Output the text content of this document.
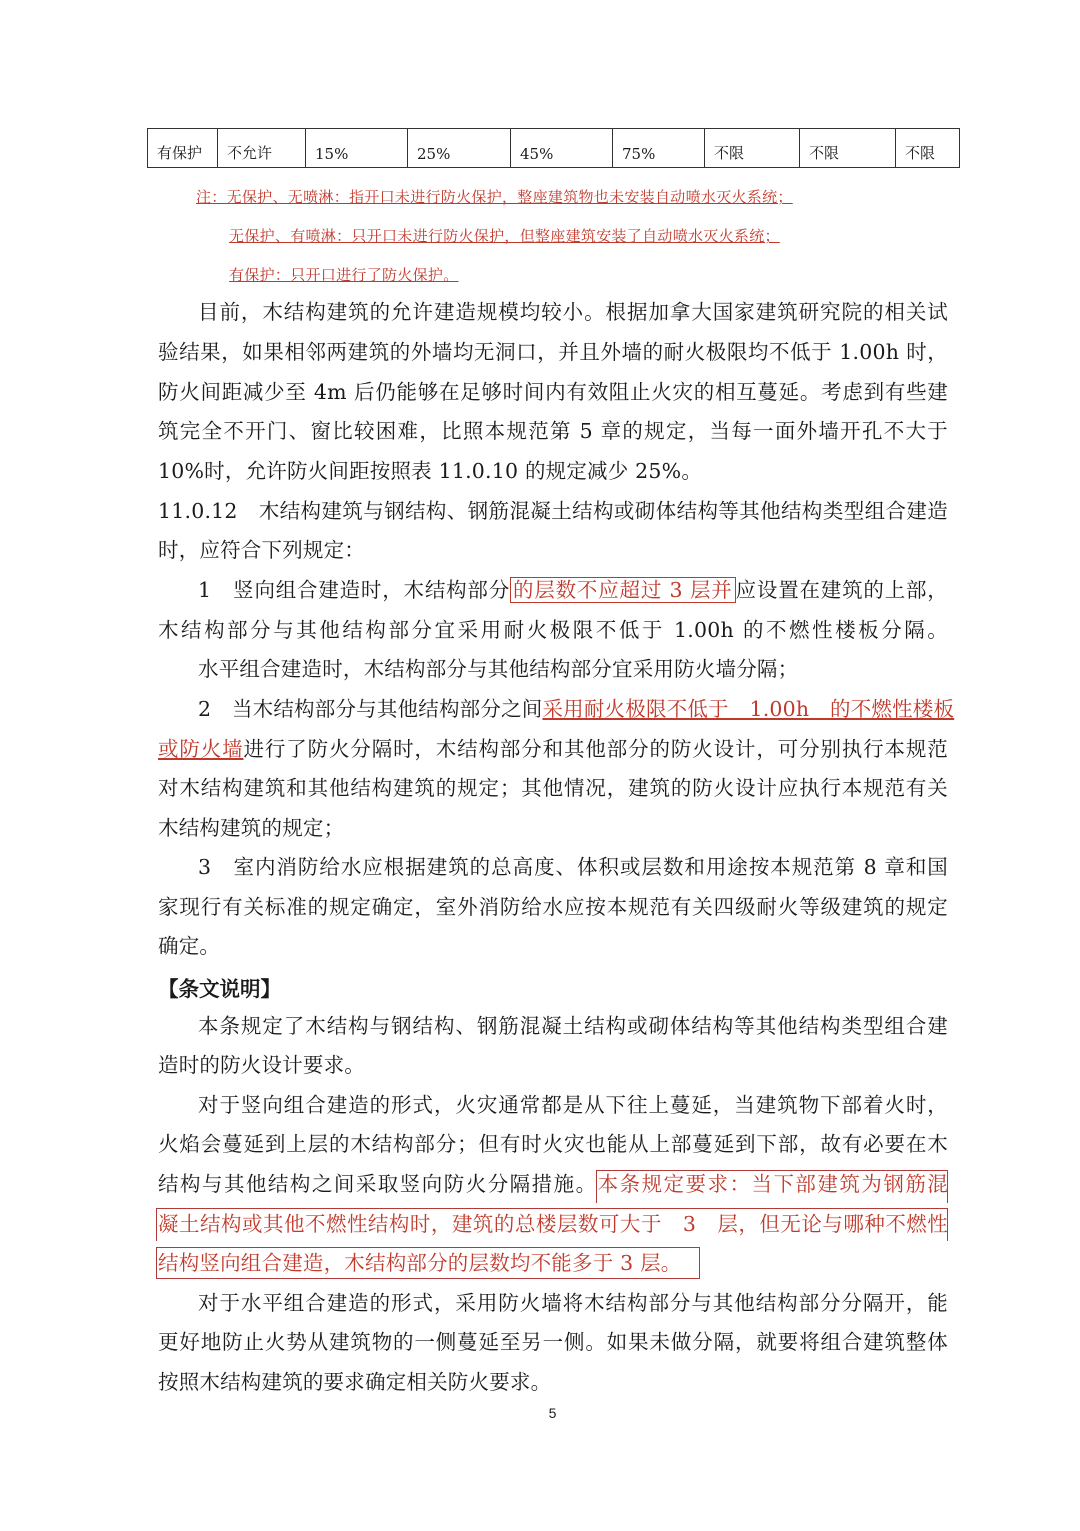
有保护	不允许	15%	25%	45%	75%	不限	不限	不限
注：无保护、无喷淋：指开口未进行防火保护，整座建筑物也未安装自动喷水灭火系统；
无保护、有喷淋：只开口未进行防火保护，但整座建筑安装了自动喷水灭火系统；
有保护：只开口进行了防火保护。
目前，木结构建筑的允许建造规模均较小。根据加拿大国家建筑研究院的相关试
验结果，如果相邻两建筑的外墙均无洞口，并且外墙的耐火极限均不低于 1.00h 时，
防火间距减少至 4m 后仍能够在足够时间内有效阻止火灾的相互蔓延。考虑到有些建
筑完全不开门、窗比较困难，比照本规范第 5 章的规定，当每一面外墙开孔不大于
10%时，允许防火间距按照表 11.0.10 的规定减少 25%。
11.0.12　木结构建筑与钢结构、钢筋混凝土结构或砌体结构等其他结构类型组合建造
时，应符合下列规定：
1　竖向组合建造时，木结构部分 的层数不应超过 3 层并 应设置在建筑的上部，
木结构部分与其他结构部分宜采用耐火极限不低于 1.00h 的不燃性楼板分隔。
水平组合建造时，木结构部分与其他结构部分宜采用防火墙分隔；
2　当木结构部分与其他结构部分之间采用耐火极限不低于　1.00h　的不燃性楼板
或防火墙进行了防火分隔时，木结构部分和其他部分的防火设计，可分别执行本规范
对木结构建筑和其他结构建筑的规定；其他情况，建筑的防火设计应执行本规范有关
木结构建筑的规定；
3　室内消防给水应根据建筑的总高度、体积或层数和用途按本规范第 8 章和国
家现行有关标准的规定确定，室外消防给水应按本规范有关四级耐火等级建筑的规定
确定。
【条文说明】
本条规定了木结构与钢结构、钢筋混凝土结构或砌体结构等其他结构类型组合建
造时的防火设计要求。
对于竖向组合建造的形式，火灾通常都是从下往上蔓延，当建筑物下部着火时，
火焰会蔓延到上层的木结构部分；但有时火灾也能从上部蔓延到下部，故有必要在木
结构与其他结构之间采取竖向防火分隔措施。本条规定要求：当下部建筑为钢筋混
凝土结构或其他不燃性结构时，建筑的总楼层数可大于　3　层，但无论与哪种不燃性
结构竖向组合建造，木结构部分的层数均不能多于 3 层。
对于水平组合建造的形式，采用防火墙将木结构部分与其他结构部分分隔开，能
更好地防止火势从建筑物的一侧蔓延至另一侧。如果未做分隔，就要将组合建筑整体
按照木结构建筑的要求确定相关防火要求。
5
